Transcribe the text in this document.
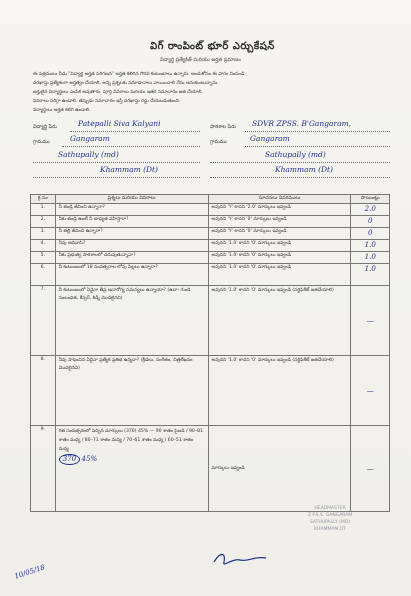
విగ్ రాంపింట్ భూర్ ఎర్చుకేషన్
విద్యార్థి ప్రత్యేకిత్ మరియు అర్హత ప్రమాణం
ఈ పత్రములు నీడు "విద్యార్థి అర్హత పరిగణన" అర్హత కలిగిన గౌరవ కుటుంబాలు ఉన్నారు. అందుకోసం ఈ ఫారం నింపండి.
దరఖాస్తు ప్రత్యేకంగా అర్హత్వం చేయాలి, అన్ని ప్రశ్నలకు సమాధానాలు వాయించాలి నేను అనుకుంటున్నాను.
అర్హులైన విద్యార్థులు ఎంపిక అవుతారు. పూర్తి వివరాలు మరియు ఇతర సమాచారం జత చేయాలి.
వివరాలు సరిగ్గా ఉండాలి. తప్పుడు సమాచారం ఇస్తే దరఖాస్తు రద్దు చేయబడుతుంది.
విద్యార్థులు అర్హత కలిగి ఉండాలి.
విద్యార్థి పేరు	Patepalli Siva Kalyani	పాఠశాల పేరు SDVR ZPSS. B'Gangaram,
గ్రామము	Gangaram	గ్రామము	Gangaram
Sathupally (md)	Sathupally (md)
Khammam (Dt)	Khammam (Dt)
క్ర.సం	ప్రశ్నలు మరియు వివరాలు	సూచనలు వివరములు	పాయింట్లు
1.	నీ తండ్రి జీవించి ఉన్నారా?	అవునని 'Y' కాదని '2.0' మార్కులు ఇవ్వండి	2.0
2.	నీకు తండ్రి ఉంటే నీ బాధ్యత వహిస్తారా?	అవునని 'Y' కాదని '0' మార్కులు ఇవ్వండి	0
3.	నీ తల్లి జీవించి ఉన్నారా?	అవునని 'Y' కాదని '0' మార్కులు ఇవ్వండి	0
4.	నీవు ఆదివాసి?	అవునని '1.0' కాదని '0' మార్కులు ఇవ్వండి	1.0
5.	నీకు ప్రభుత్వ పాఠశాలలో చదువుతున్నావా?	అవునని '1.0' కాదని '0' మార్కులు ఇవ్వండి	1.0
6.	నీ కుటుంబంలో 18 సంవత్సరాల లోపు పిల్లలు ఉన్నారా?	అవునని '1.0' కాదని '0' మార్కులు ఇవ్వండి	1.0
7.	నీ కుటుంబంలో ఏవైనా తీవ్ర అనారోగ్య సమస్యలు ఉన్నాయా? (ఉదా: గుండె సంబంధిత, కేన్సర్, కిడ్నీ మొదలైనవి)	అవునని '1.0' కాదని '0' మార్కులు ఇవ్వండి (సర్టిఫికేట్ జతచేయాలి)	—
8.	నీవు సాధించిన ఏదైనా ప్రత్యేక ప్రతిభ ఉన్నదా? (క్రీడలు, సంగీతం, చిత్రలేఖనం మొదలైనవి)	అవునని '1.0' కాదని '0' మార్కులు ఇవ్వండి (సర్టిఫికేట్ జతచేయాలి)	—
9.	గత సంవత్సరంలో వచ్చిన మార్కులు (370) 45% — 90 శాతం పైబడి / 90–81 శాతం మధ్య / 80–71 శాతం మధ్య / 70–61 శాతం మధ్య / 60–51 శాతం మధ్య
370 45%	మార్కులు ఇవ్వండి	—
HEADMASTER
Z.P.S.S. GANGARAM
SATHUPALLY (MD)
KHAMMAM DT
10/05/18
